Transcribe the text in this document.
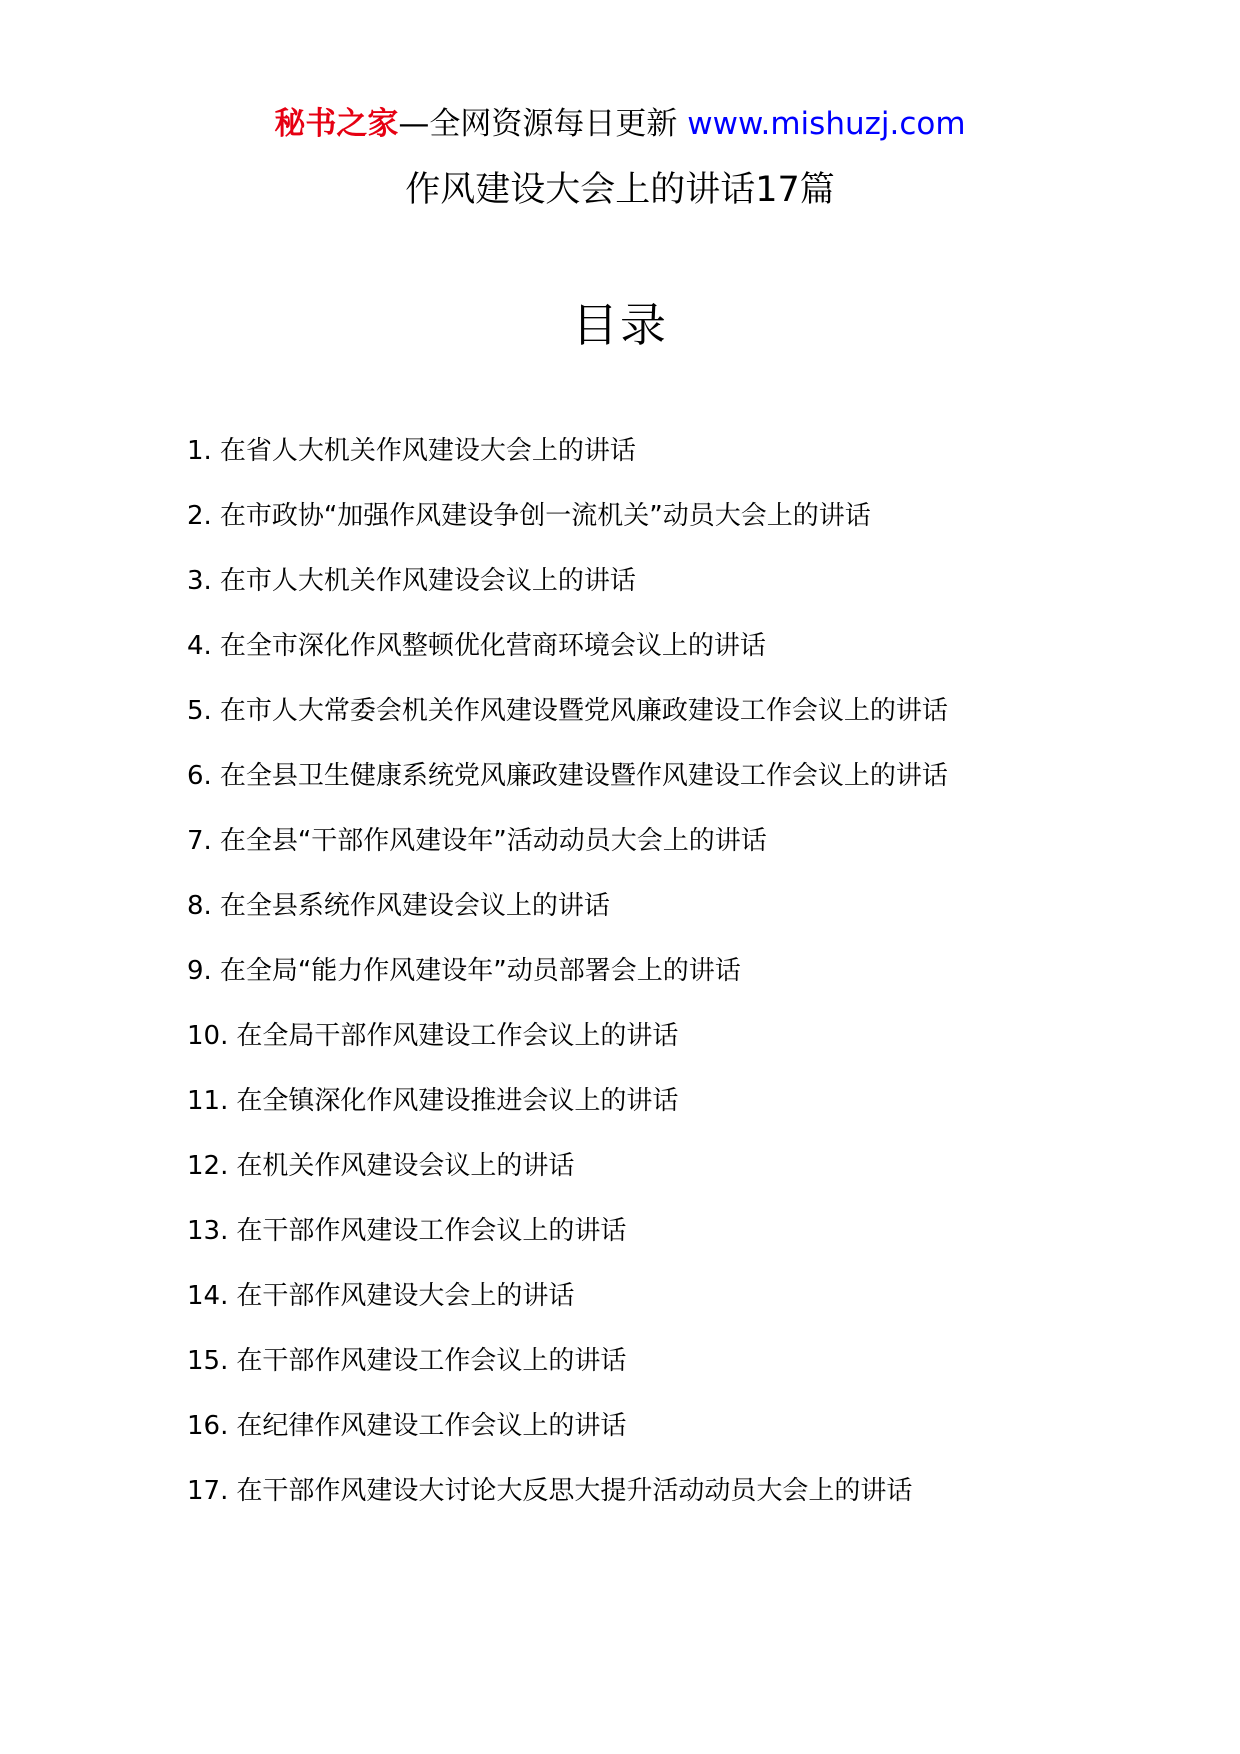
秘书之家—全网资源每日更新 www.mishuzj.com
作风建设大会上的讲话17篇
目录
1. 在省人大机关作风建设大会上的讲话
2. 在市政协“加强作风建设争创一流机关”动员大会上的讲话
3. 在市人大机关作风建设会议上的讲话
4. 在全市深化作风整顿优化营商环境会议上的讲话
5. 在市人大常委会机关作风建设暨党风廉政建设工作会议上的讲话
6. 在全县卫生健康系统党风廉政建设暨作风建设工作会议上的讲话
7. 在全县“干部作风建设年”活动动员大会上的讲话
8. 在全县系统作风建设会议上的讲话
9. 在全局“能力作风建设年”动员部署会上的讲话
10. 在全局干部作风建设工作会议上的讲话
11. 在全镇深化作风建设推进会议上的讲话
12. 在机关作风建设会议上的讲话
13. 在干部作风建设工作会议上的讲话
14. 在干部作风建设大会上的讲话
15. 在干部作风建设工作会议上的讲话
16. 在纪律作风建设工作会议上的讲话
17. 在干部作风建设大讨论大反思大提升活动动员大会上的讲话
